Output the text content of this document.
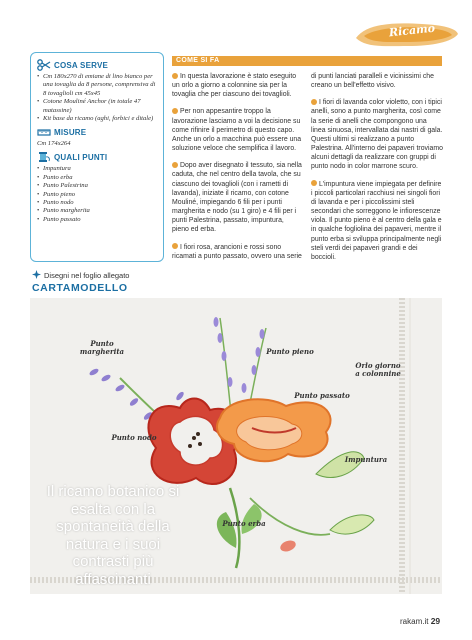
Ricamo
COSA SERVE
• Cm 180x270 di emiane di lino bianco per una tovaglia da 8 persone, comprensiva di 8 tovaglioli cm 45x45
• Cotone Mouliné Anchor (in totale 47 matassine)
• Kit base da ricamo (aghi, forbici e ditale)
MISURE
Cm 174x264
QUALI PUNTI
• Impuntura
• Punto erba
• Punto Palestrina
• Punto pieno
• Punto nodo
• Punto margherita
• Punto passato
Disegni nel foglio allegato
CARTAMODELLO
COME SI FA

In questa lavorazione è stato eseguito un orlo a giorno a colonnine sia per la tovaglia che per ciascuno dei tovaglioli.

Per non appesantire troppo la lavorazione lasciamo a voi la decisione su come rifinire il perimetro di questo capo. Anche un orlo a macchina può essere una soluzione veloce che semplifica il lavoro.

Dopo aver disegnato il tessuto, sia nella caduta, che nel centro della tavola, che su ciascuno dei tovaglioli (con i rametti di lavanda), iniziate il ricamo, con cotone Mouliné, impiegando 6 fili per i punti margherita e nodo (su 1 giro) e 4 fili per i punti Palestrina, passato, impuntura, pieno ed erba.

I fiori rosa, arancioni e rossi sono ricamati a punto passato, ovvero una serie

di punti lanciati paralleli e vicinissimi che creano un bell'effetto visivo.

I fiori di lavanda color violetto, con i tipici anelli, sono a punto margherita, così come la serie di anelli che compongono una linea sinuosa, intervallata dai nastri di gala. Questi ultimi si realizzano a punto Palestrina. All'interno dei papaveri troviamo alcuni dettagli da realizzare con gruppi di punto nodo in color marrone scuro.

L'impuntura viene impiegata per definire i piccoli particolari racchiusi nei singoli fiori di lavanda e per i piccolissimi steli secondari che sorreggono le infiorescenze viola. Il punto pieno è al centro della gala e in qualche fogliolina dei papaveri, mentre il punto erba si sviluppa principalmente negli steli verdi dei papaveri grandi e dei boccioli.

Punto margherita	Punto pieno
Orlo giorno a colonnine
Punto passato
Punto nodo
Impuntura
Punto erba
Il ricamo botanico si esalta con la spontaneità della natura e i suoi contrasti più affascinanti
rakam.it 29
